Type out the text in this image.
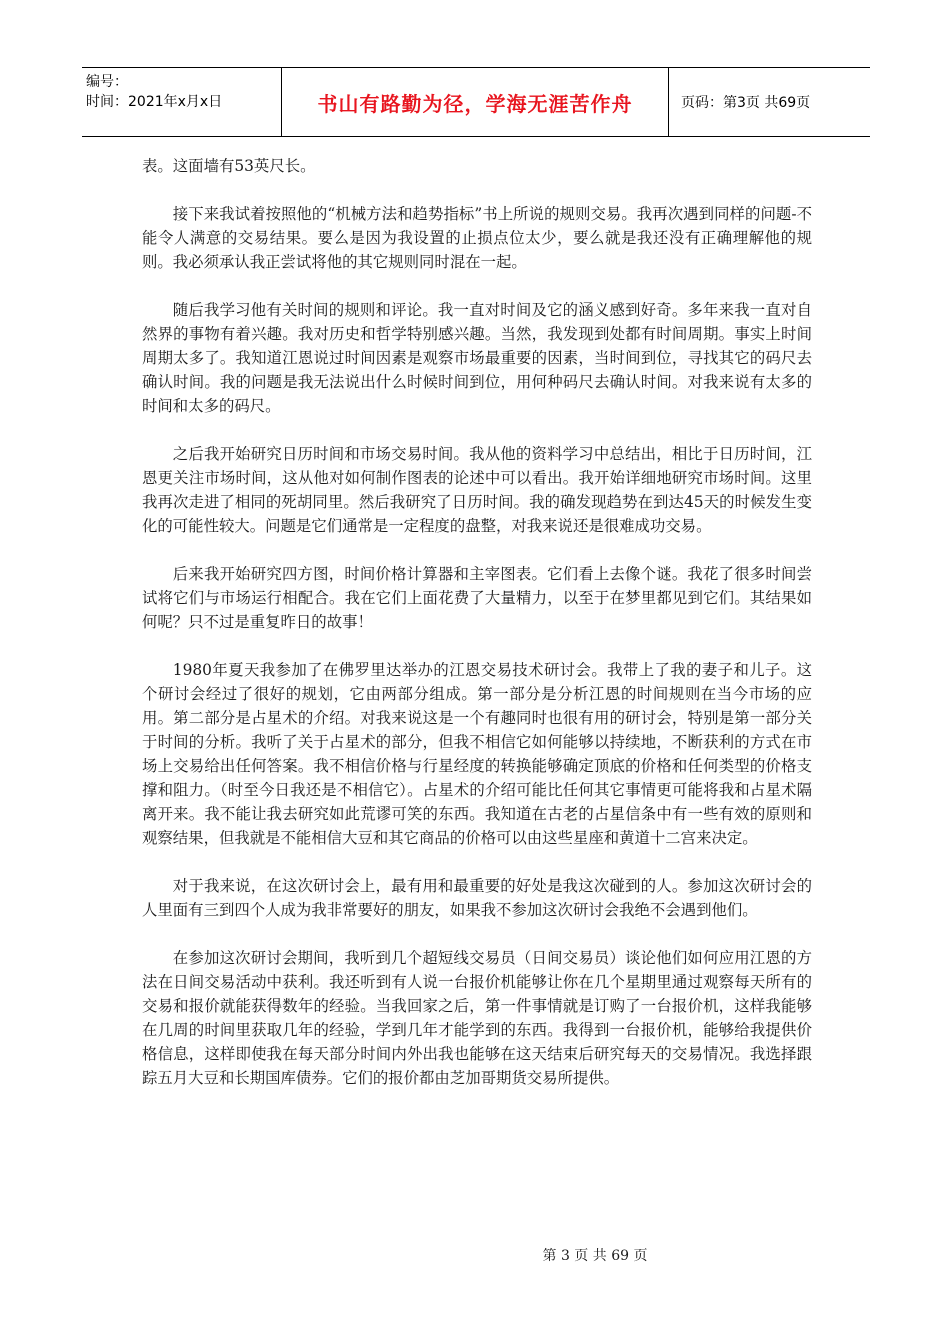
编号：
时间：2021年x月x日	书山有路勤为径，学海无涯苦作舟	页码：第3页 共69页

表。这面墙有53英尺长。

接下来我试着按照他的“机械方法和趋势指标”书上所说的规则交易。我再次遇到同样的问题-不能令人满意的交易结果。要么是因为我设置的止损点位太少，要么就是我还没有正确理解他的规则。我必须承认我正尝试将他的其它规则同时混在一起。

随后我学习他有关时间的规则和评论。我一直对时间及它的涵义感到好奇。多年来我一直对自然界的事物有着兴趣。我对历史和哲学特别感兴趣。当然，我发现到处都有时间周期。事实上时间周期太多了。我知道江恩说过时间因素是观察市场最重要的因素，当时间到位，寻找其它的码尺去确认时间。我的问题是我无法说出什么时候时间到位，用何种码尺去确认时间。对我来说有太多的时间和太多的码尺。

之后我开始研究日历时间和市场交易时间。我从他的资料学习中总结出，相比于日历时间，江恩更关注市场时间，这从他对如何制作图表的论述中可以看出。我开始详细地研究市场时间。这里我再次走进了相同的死胡同里。然后我研究了日历时间。我的确发现趋势在到达45天的时候发生变化的可能性较大。问题是它们通常是一定程度的盘整，对我来说还是很难成功交易。

后来我开始研究四方图，时间价格计算器和主宰图表。它们看上去像个谜。我花了很多时间尝试将它们与市场运行相配合。我在它们上面花费了大量精力，以至于在梦里都见到它们。其结果如何呢？只不过是重复昨日的故事！

1980年夏天我参加了在佛罗里达举办的江恩交易技术研讨会。我带上了我的妻子和儿子。这个研讨会经过了很好的规划，它由两部分组成。第一部分是分析江恩的时间规则在当今市场的应用。第二部分是占星术的介绍。对我来说这是一个有趣同时也很有用的研讨会，特别是第一部分关于时间的分析。我听了关于占星术的部分，但我不相信它如何能够以持续地，不断获利的方式在市场上交易给出任何答案。我不相信价格与行星经度的转换能够确定顶底的价格和任何类型的价格支撑和阻力。（时至今日我还是不相信它）。占星术的介绍可能比任何其它事情更可能将我和占星术隔离开来。我不能让我去研究如此荒谬可笑的东西。我知道在古老的占星信条中有一些有效的原则和观察结果，但我就是不能相信大豆和其它商品的价格可以由这些星座和黄道十二宫来决定。

对于我来说，在这次研讨会上，最有用和最重要的好处是我这次碰到的人。参加这次研讨会的人里面有三到四个人成为我非常要好的朋友，如果我不参加这次研讨会我绝不会遇到他们。

在参加这次研讨会期间，我听到几个超短线交易员（日间交易员）谈论他们如何应用江恩的方法在日间交易活动中获利。我还听到有人说一台报价机能够让你在几个星期里通过观察每天所有的交易和报价就能获得数年的经验。当我回家之后，第一件事情就是订购了一台报价机，这样我能够在几周的时间里获取几年的经验，学到几年才能学到的东西。我得到一台报价机，能够给我提供价格信息，这样即使我在每天部分时间内外出我也能够在这天结束后研究每天的交易情况。我选择跟踪五月大豆和长期国库债券。它们的报价都由芝加哥期货交易所提供。

第 3 页 共 69 页
